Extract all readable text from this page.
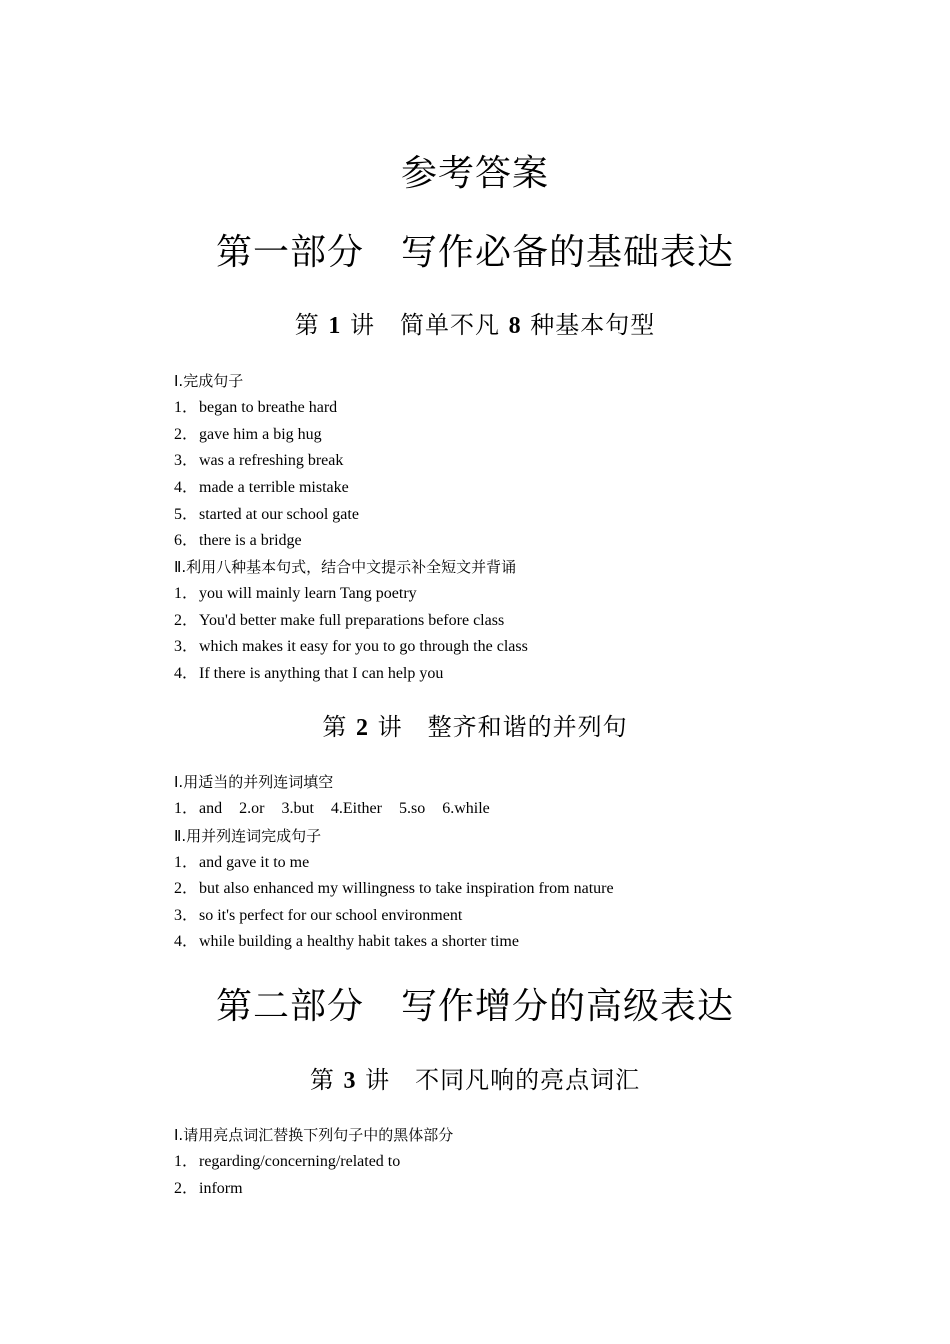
参考答案
第一部分　写作必备的基础表达
第 1 讲　简单不凡 8 种基本句型
Ⅰ.完成句子
1．began to breathe hard
2．gave him a big hug
3．was a refreshing break
4．made a terrible mistake
5．started at our school gate
6．there is a bridge
Ⅱ.利用八种基本句式，结合中文提示补全短文并背诵
1．you will mainly learn Tang poetry
2．You'd better make full preparations before class
3．which makes it easy for you to go through the class
4．If there is anything that I can help you
第 2 讲　整齐和谐的并列句
Ⅰ.用适当的并列连词填空
1．and 2.or 3.but 4.Either 5.so 6.while
Ⅱ.用并列连词完成句子
1．and gave it to me
2．but also enhanced my willingness to take inspiration from nature
3．so it's perfect for our school environment
4．while building a healthy habit takes a shorter time
第二部分　写作增分的高级表达
第 3 讲　不同凡响的亮点词汇
Ⅰ.请用亮点词汇替换下列句子中的黑体部分
1．regarding/concerning/related to
2．inform
